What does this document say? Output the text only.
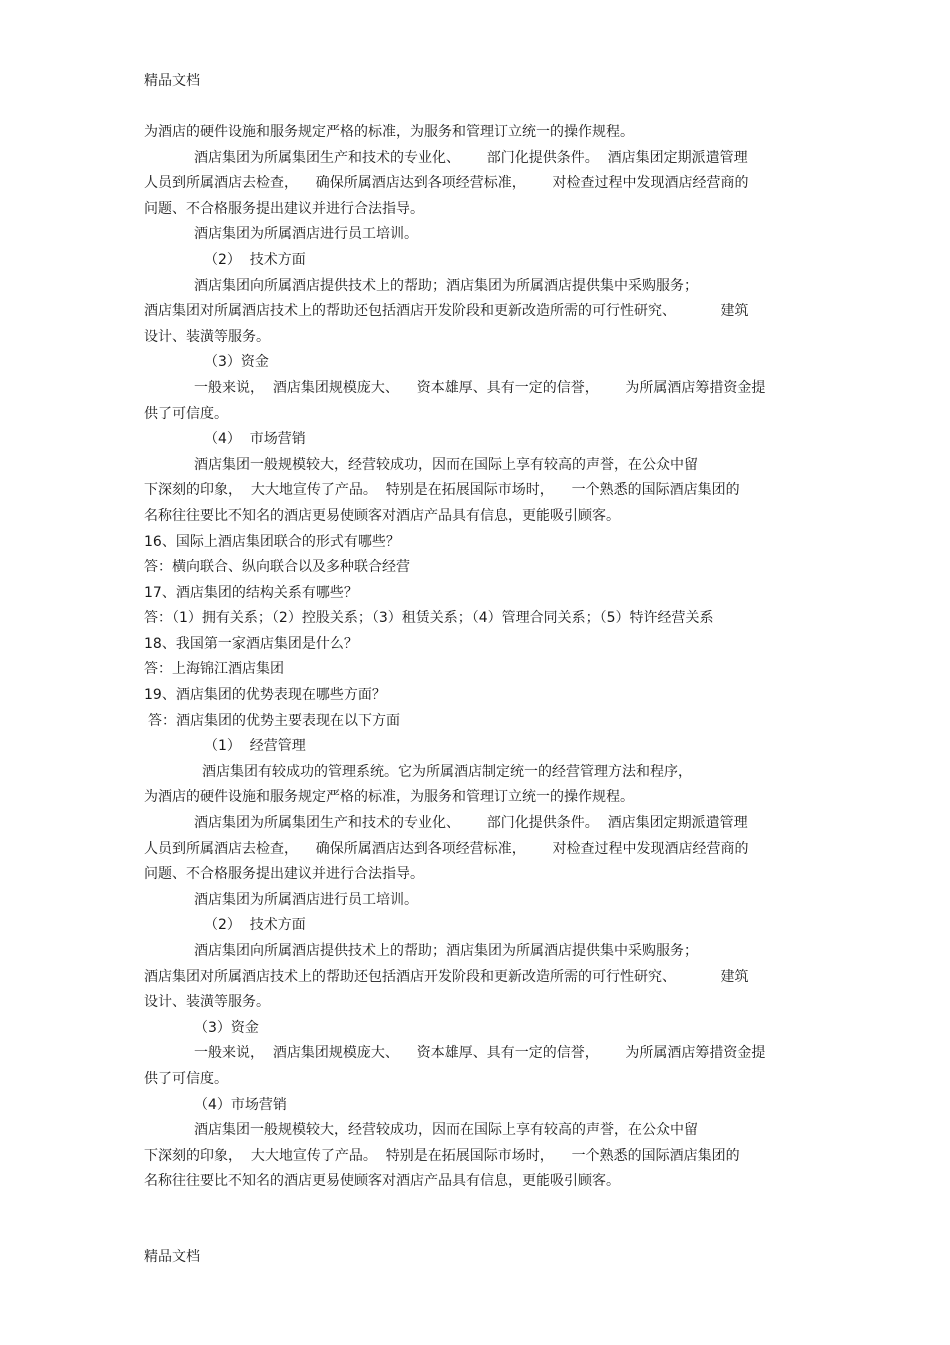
精品文档
为酒店的硬件设施和服务规定严格的标准，为服务和管理订立统一的操作规程。
酒店集团为所属集团生产和技术的专业化、      部门化提供条件。  酒店集团定期派遣管理
人员到所属酒店去检查，    确保所属酒店达到各项经营标准，      对检查过程中发现酒店经营商的
问题、不合格服务提出建议并进行合法指导。
酒店集团为所属酒店进行员工培训。
（2）  技术方面
酒店集团向所属酒店提供技术上的帮助；酒店集团为所属酒店提供集中采购服务；
酒店集团对所属酒店技术上的帮助还包括酒店开发阶段和更新改造所需的可行性研究、          建筑
设计、装潢等服务。
（3）资金
一般来说，  酒店集团规模庞大、    资本雄厚、具有一定的信誉，      为所属酒店筹措资金提
供了可信度。
（4）  市场营销
酒店集团一般规模较大，经营较成功，因而在国际上享有较高的声誉，在公众中留
下深刻的印象，  大大地宣传了产品。  特别是在拓展国际市场时，    一个熟悉的国际酒店集团的
名称往往要比不知名的酒店更易使顾客对酒店产品具有信息，更能吸引顾客。
16、国际上酒店集团联合的形式有哪些？
答：横向联合、纵向联合以及多种联合经营
17、酒店集团的结构关系有哪些？
答：（1）拥有关系；（2）控股关系；（3）租赁关系；（4）管理合同关系；（5）特许经营关系
18、我国第一家酒店集团是什么？
答：上海锦江酒店集团
19、酒店集团的优势表现在哪些方面？
答：酒店集团的优势主要表现在以下方面
（1）  经营管理
酒店集团有较成功的管理系统。它为所属酒店制定统一的经营管理方法和程序，
为酒店的硬件设施和服务规定严格的标准，为服务和管理订立统一的操作规程。
酒店集团为所属集团生产和技术的专业化、      部门化提供条件。  酒店集团定期派遣管理
人员到所属酒店去检查，    确保所属酒店达到各项经营标准，      对检查过程中发现酒店经营商的
问题、不合格服务提出建议并进行合法指导。
酒店集团为所属酒店进行员工培训。
（2）  技术方面
酒店集团向所属酒店提供技术上的帮助；酒店集团为所属酒店提供集中采购服务；
酒店集团对所属酒店技术上的帮助还包括酒店开发阶段和更新改造所需的可行性研究、          建筑
设计、装潢等服务。
（3）资金
一般来说，  酒店集团规模庞大、    资本雄厚、具有一定的信誉，      为所属酒店筹措资金提
供了可信度。
（4）市场营销
酒店集团一般规模较大，经营较成功，因而在国际上享有较高的声誉，在公众中留
下深刻的印象，  大大地宣传了产品。  特别是在拓展国际市场时，    一个熟悉的国际酒店集团的
名称往往要比不知名的酒店更易使顾客对酒店产品具有信息，更能吸引顾客。
精品文档
